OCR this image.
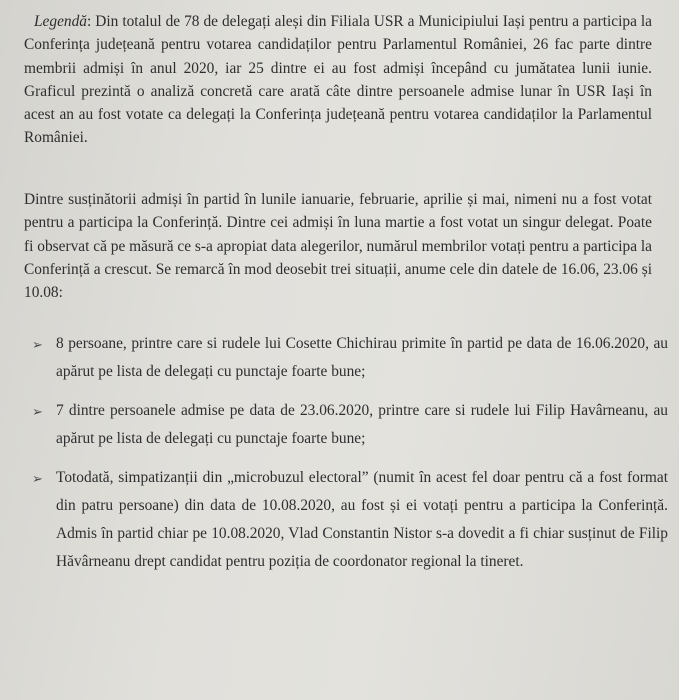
Legendă: Din totalul de 78 de delegați aleși din Filiala USR a Municipiului Iași pentru a participa la Conferința județeană pentru votarea candidaților pentru Parlamentul României, 26 fac parte dintre membrii admiși în anul 2020, iar 25 dintre ei au fost admiși începând cu jumătatea lunii iunie. Graficul prezintă o analiză concretă care arată câte dintre persoanele admise lunar în USR Iași în acest an au fost votate ca delegați la Conferința județeană pentru votarea candidaților la Parlamentul României.

Dintre susținătorii admiși în partid în lunile ianuarie, februarie, aprilie și mai, nimeni nu a fost votat pentru a participa la Conferință. Dintre cei admiși în luna martie a fost votat un singur delegat. Poate fi observat că pe măsură ce s-a apropiat data alegerilor, numărul membrilor votați pentru a participa la Conferință a crescut. Se remarcă în mod deosebit trei situații, anume cele din datele de 16.06, 23.06 și 10.08:

➢ 8 persoane, printre care si rudele lui Cosette Chichirau primite în partid pe data de 16.06.2020, au apărut pe lista de delegați cu punctaje foarte bune;
➢ 7 dintre persoanele admise pe data de 23.06.2020, printre care si rudele lui Filip Havârneanu, au apărut pe lista de delegați cu punctaje foarte bune;
➢ Totodată, simpatizanții din „microbuzul electoral” (numit în acest fel doar pentru că a fost format din patru persoane) din data de 10.08.2020, au fost și ei votați pentru a participa la Conferință. Admis în partid chiar pe 10.08.2020, Vlad Constantin Nistor s-a dovedit a fi chiar susținut de Filip Hăvârneanu drept candidat pentru poziția de coordonator regional la tineret.
